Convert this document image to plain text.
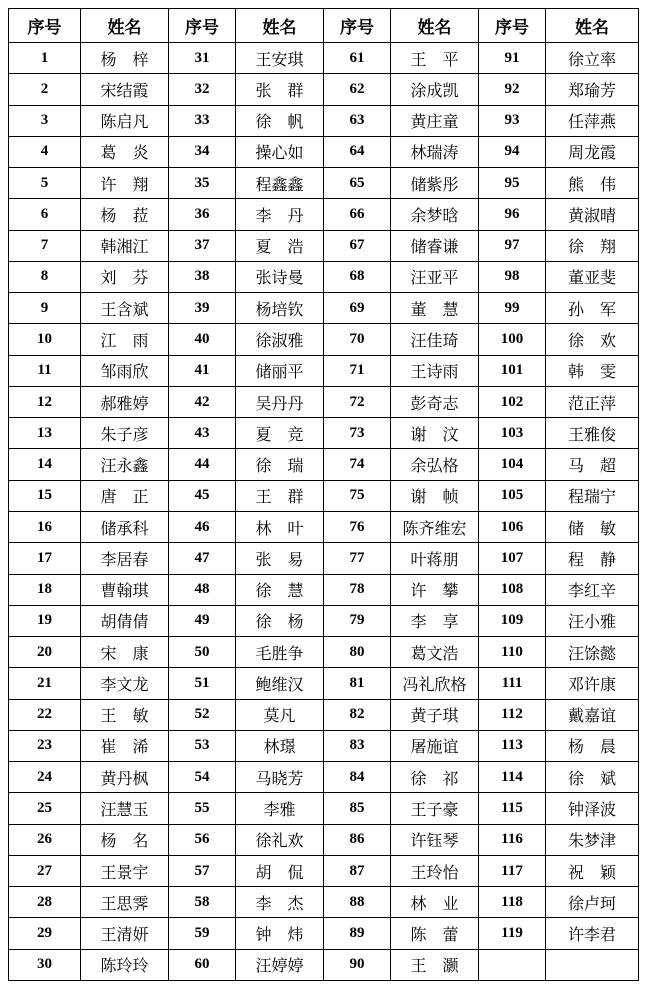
序号	姓名	序号	姓名	序号	姓名	序号	姓名
1	杨　梓	31	王安琪	61	王　平	91	徐立率
2	宋结霞	32	张　群	62	涂成凯	92	郑瑜芳
3	陈启凡	33	徐　帆	63	黄庄童	93	任萍燕
4	葛　炎	34	操心如	64	林瑞涛	94	周龙霞
5	许　翔	35	程鑫鑫	65	储紫彤	95	熊　伟
6	杨　菈	36	李　丹	66	余梦晗	96	黄淑晴
7	韩湘江	37	夏　浩	67	储睿谦	97	徐　翔
8	刘　芬	38	张诗曼	68	汪亚平	98	董亚斐
9	王含斌	39	杨培钦	69	董　慧	99	孙　军
10	江　雨	40	徐淑雅	70	汪佳琦	100	徐　欢
11	邹雨欣	41	储丽平	71	王诗雨	101	韩　雯
12	郝雅婷	42	吴丹丹	72	彭奇志	102	范正萍
13	朱子彦	43	夏　竞	73	谢　汶	103	王雅俊
14	汪永鑫	44	徐　瑞	74	余弘格	104	马　超
15	唐　正	45	王　群	75	谢　帧	105	程瑞宁
16	储承科	46	林　叶	76	陈齐维宏	106	储　敏
17	李居春	47	张　易	77	叶蒋朋	107	程　静
18	曹翰琪	48	徐　慧	78	许　攀	108	李红辛
19	胡倩倩	49	徐　杨	79	李　享	109	汪小雅
20	宋　康	50	毛胜争	80	葛文浩	110	汪馀懿
21	李文龙	51	鲍维汉	81	冯礼欣格	111	邓许康
22	王　敏	52	莫凡	82	黄子琪	112	戴嘉谊
23	崔　浠	53	林璟	83	屠施谊	113	杨　晨
24	黄丹枫	54	马晓芳	84	徐　祁	114	徐　斌
25	汪慧玉	55	李雅	85	王子豪	115	钟泽波
26	杨　名	56	徐礼欢	86	许钰琴	116	朱梦津
27	王景宇	57	胡　侃	87	王玲怡	117	祝　颖
28	王思霁	58	李　杰	88	林　业	118	徐卢珂
29	王清妍	59	钟　炜	89	陈　蕾	119	许李君
30	陈玲玲	60	汪婷婷	90	王　灏		
